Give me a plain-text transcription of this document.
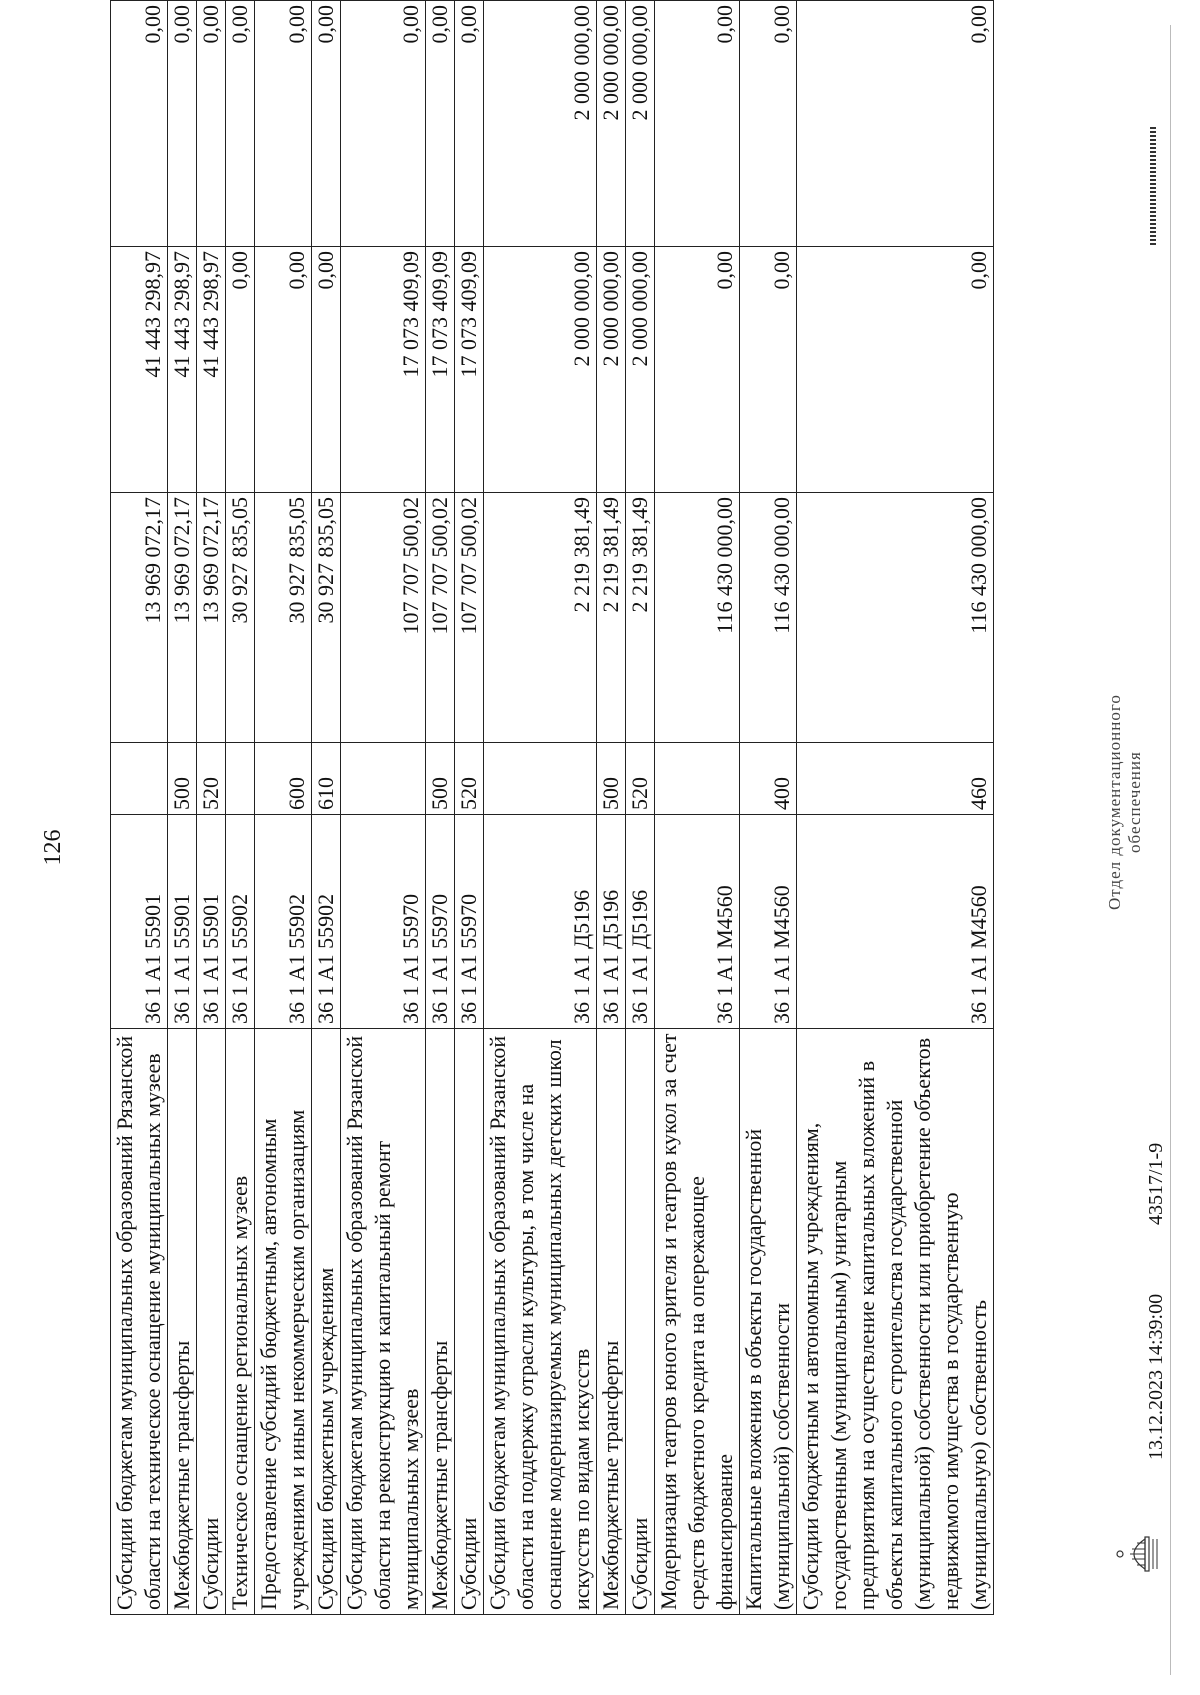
126
Субсидии бюджетам муниципальных образований Рязанской области на техническое оснащение муниципальных музеев	36 1 A1 55901		13 969 072,17	41 443 298,97	0,00
Межбюджетные трансферты	36 1 A1 55901	500	13 969 072,17	41 443 298,97	0,00
Субсидии	36 1 A1 55901	520	13 969 072,17	41 443 298,97	0,00
Техническое оснащение региональных музеев	36 1 A1 55902		30 927 835,05	0,00	0,00
Предоставление субсидий бюджетным, автономным учреждениям и иным некоммерческим организациям	36 1 A1 55902	600	30 927 835,05	0,00	0,00
Субсидии бюджетным учреждениям	36 1 A1 55902	610	30 927 835,05	0,00	0,00
Субсидии бюджетам муниципальных образований Рязанской области на реконструкцию и капитальный ремонт муниципальных музеев	36 1 A1 55970		107 707 500,02	17 073 409,09	0,00
Межбюджетные трансферты	36 1 A1 55970	500	107 707 500,02	17 073 409,09	0,00
Субсидии	36 1 A1 55970	520	107 707 500,02	17 073 409,09	0,00
Субсидии бюджетам муниципальных образований Рязанской области на поддержку отрасли культуры, в том числе на оснащение модернизируемых муниципальных детских школ искусств по видам искусств	36 1 A1 Д5196		2 219 381,49	2 000 000,00	2 000 000,00
Межбюджетные трансферты	36 1 A1 Д5196	500	2 219 381,49	2 000 000,00	2 000 000,00
Субсидии	36 1 A1 Д5196	520	2 219 381,49	2 000 000,00	2 000 000,00
Модернизация театров юного зрителя и театров кукол за счет средств бюджетного кредита на опережающее финансирование	36 1 A1 M4560		116 430 000,00	0,00	0,00
Капитальные вложения в объекты государственной (муниципальной) собственности	36 1 A1 M4560	400	116 430 000,00	0,00	0,00
Субсидии бюджетным и автономным учреждениям, государственным (муниципальным) унитарным предприятиям на осуществление капитальных вложений в объекты капитального строительства государственной (муниципальной) собственности или приобретение объектов недвижимого имущества в государственную (муниципальную) собственность	36 1 A1 M4560	460	116 430 000,00	0,00	0,00
13.12.2023 14:39:00
43517/1-9
Отдел документационного обеспечения
